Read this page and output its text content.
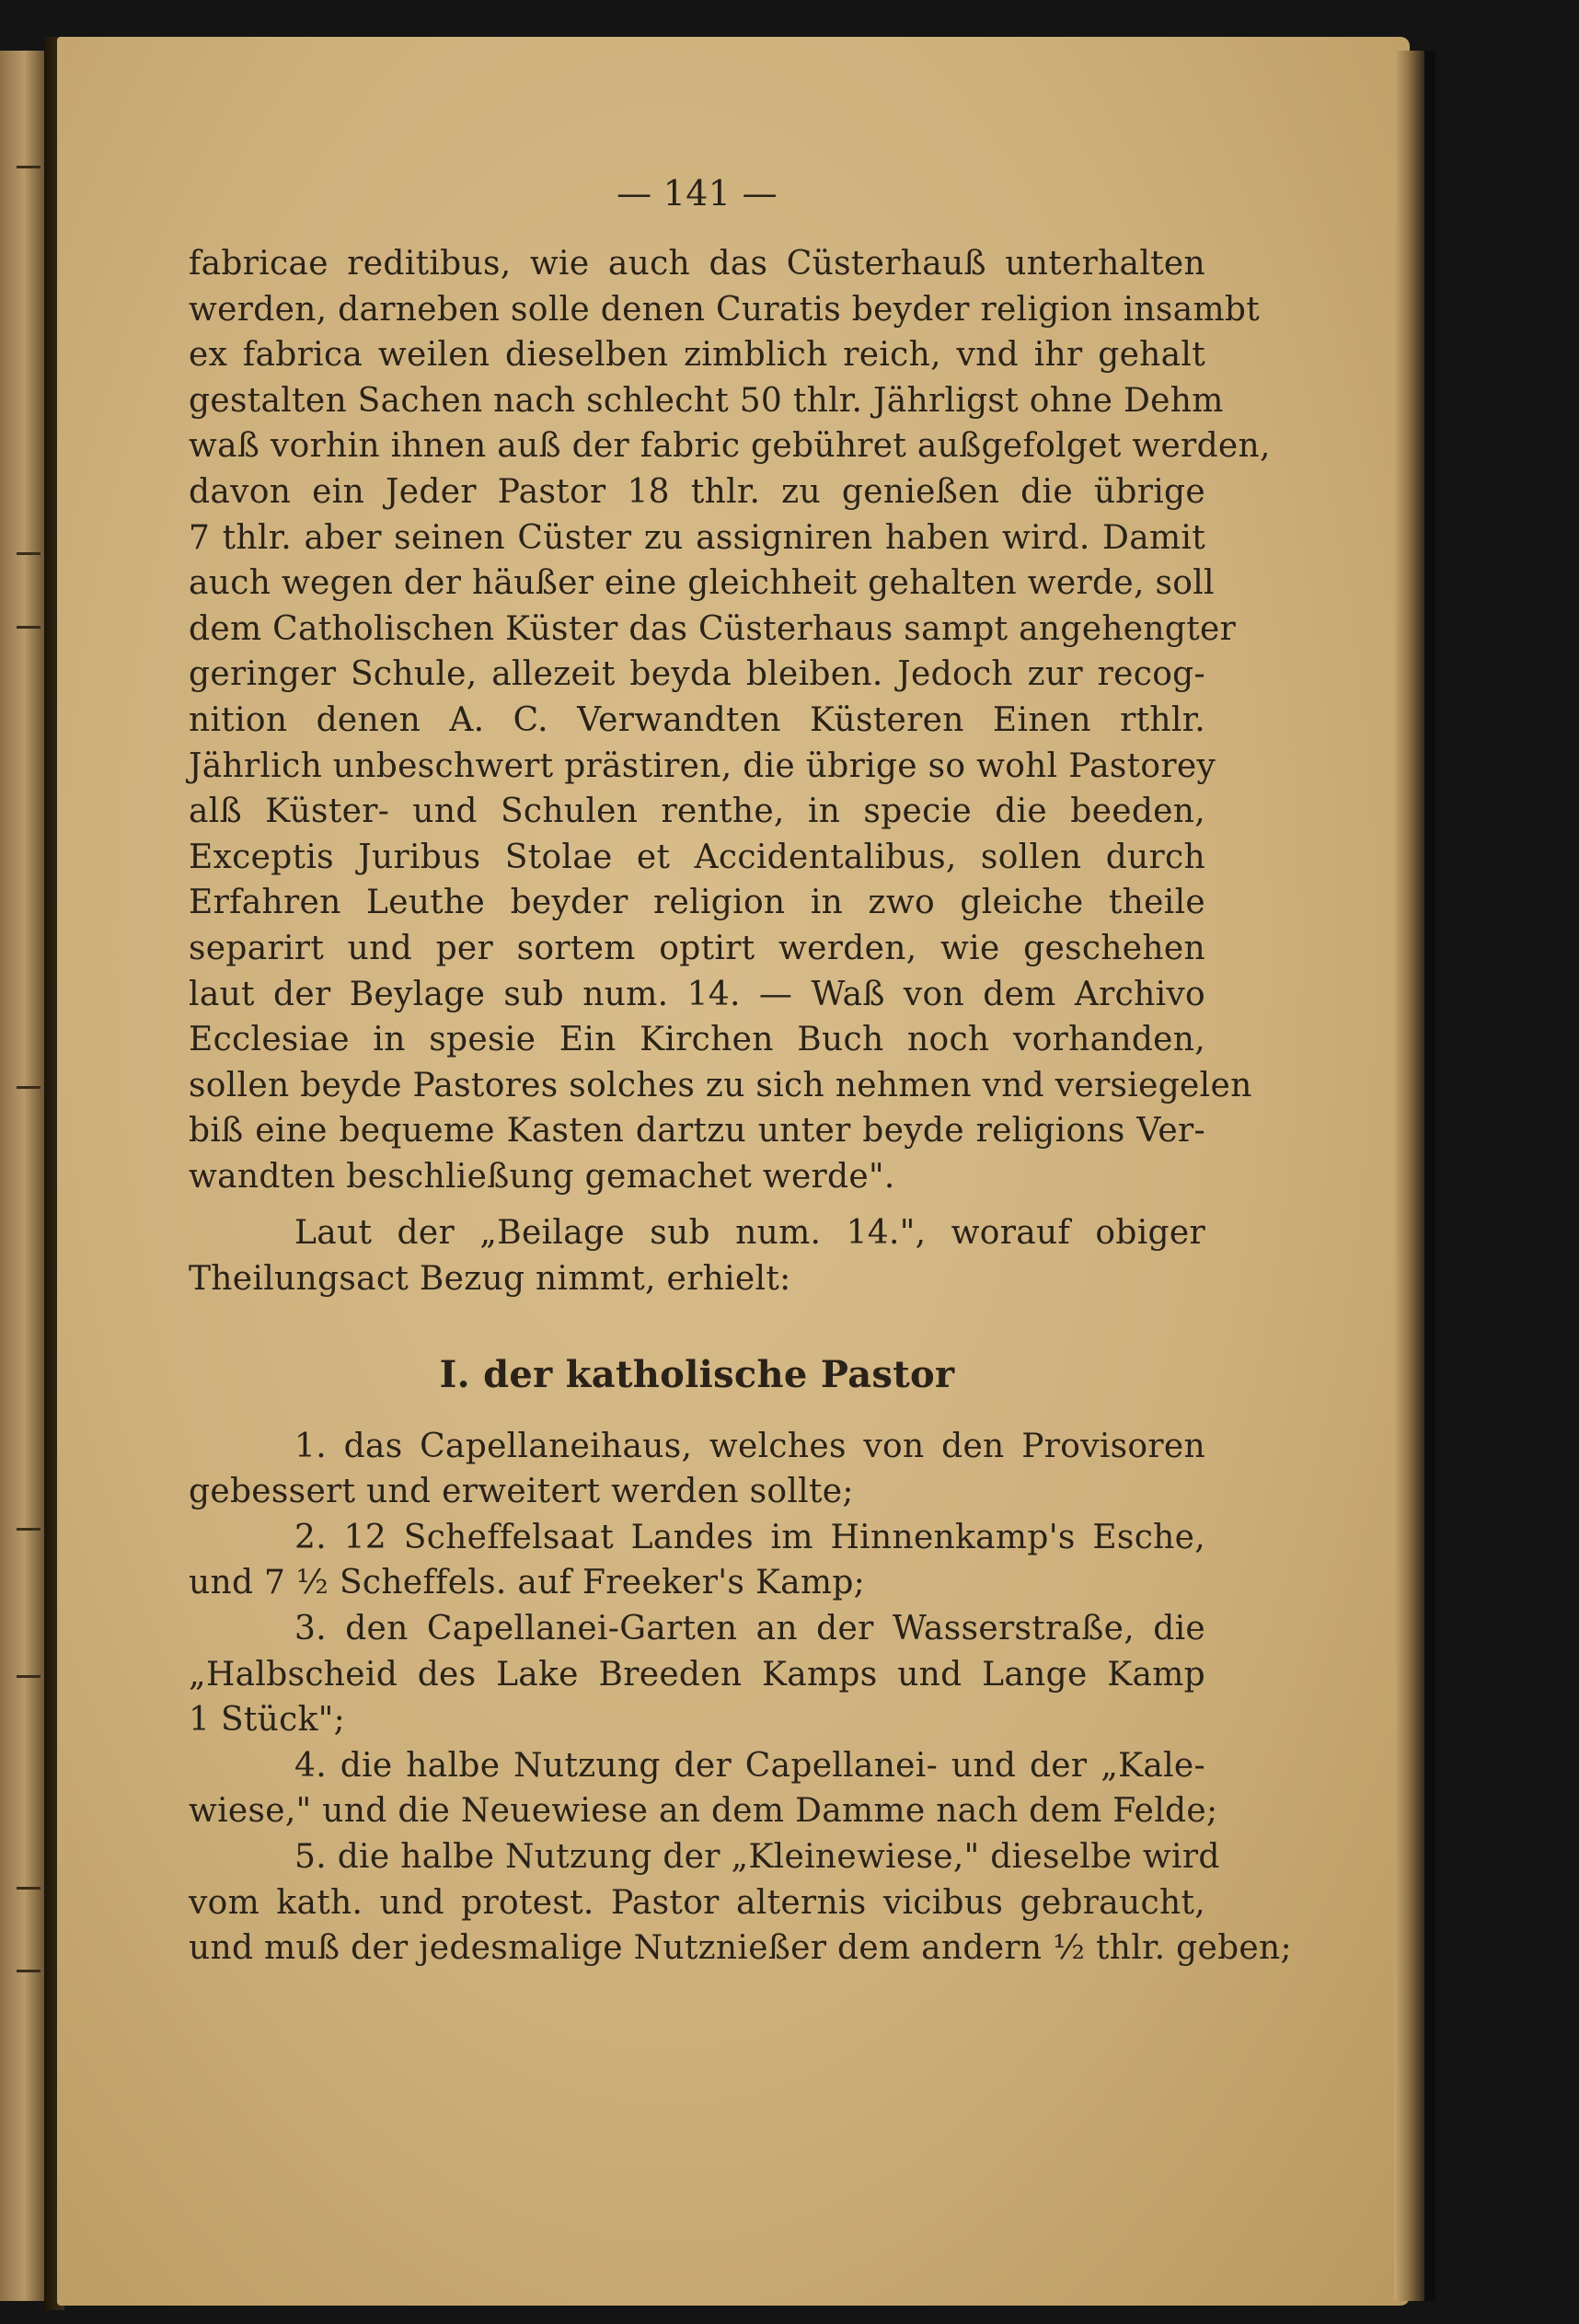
— 141 —
fabricae reditibus, wie auch das Cüsterhauß unterhalten
werden, darneben solle denen Curatis beyder religion insambt
ex fabrica weilen dieselben zimblich reich, vnd ihr gehalt
gestalten Sachen nach schlecht 50 thlr. Jährligst ohne Dehm
waß vorhin ihnen auß der fabric gebühret außgefolget werden,
davon ein Jeder Pastor 18 thlr. zu genießen die übrige
7 thlr. aber seinen Cüster zu assigniren haben wird. Damit
auch wegen der häußer eine gleichheit gehalten werde, soll
dem Catholischen Küster das Cüsterhaus sampt angehengter
geringer Schule, allezeit beyda bleiben. Jedoch zur recog-
nition denen A. C. Verwandten Küsteren Einen rthlr.
Jährlich unbeschwert prästiren, die übrige so wohl Pastorey
alß Küster- und Schulen renthe, in specie die beeden,
Exceptis Juribus Stolae et Accidentalibus, sollen durch
Erfahren Leuthe beyder religion in zwo gleiche theile
separirt und per sortem optirt werden, wie geschehen
laut der Beylage sub num. 14. — Waß von dem Archivo
Ecclesiae in spesie Ein Kirchen Buch noch vorhanden,
sollen beyde Pastores solches zu sich nehmen vnd versiegelen
biß eine bequeme Kasten dartzu unter beyde religions Ver-
wandten beschließung gemachet werde".
Laut der „Beilage sub num. 14.", worauf obiger
Theilungsact Bezug nimmt, erhielt:
I. der katholische Pastor
1. das Capellaneihaus, welches von den Provisoren
gebessert und erweitert werden sollte;
2. 12 Scheffelsaat Landes im Hinnenkamp's Esche,
und 7 ½ Scheffels. auf Freeker's Kamp;
3. den Capellanei-Garten an der Wasserstraße, die
„Halbscheid des Lake Breeden Kamps und Lange Kamp
1 Stück";
4. die halbe Nutzung der Capellanei- und der „Kale-
wiese," und die Neuewiese an dem Damme nach dem Felde;
5. die halbe Nutzung der „Kleinewiese," dieselbe wird
vom kath. und protest. Pastor alternis vicibus gebraucht,
und muß der jedesmalige Nutznießer dem andern ½ thlr. geben;
